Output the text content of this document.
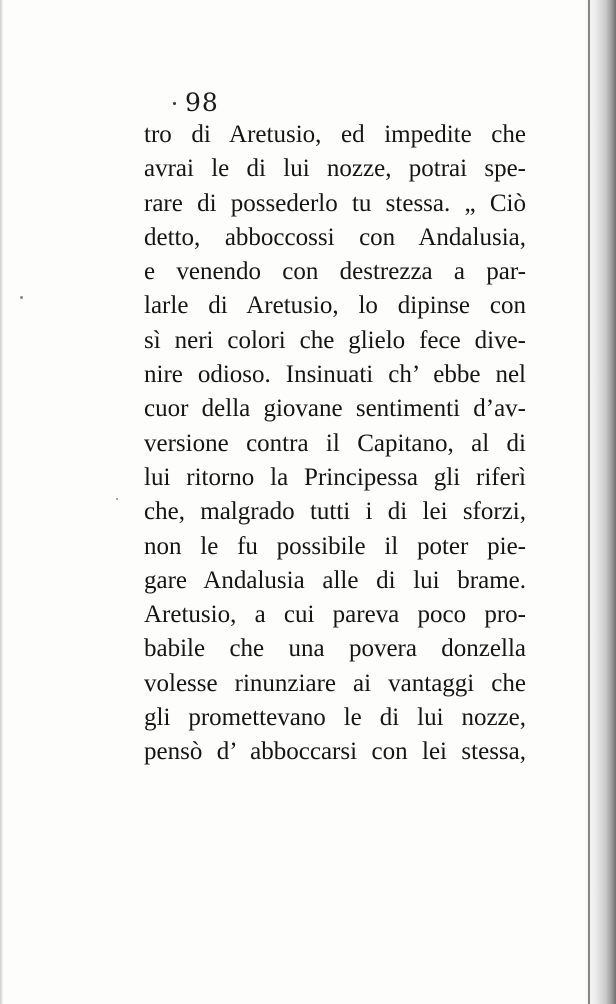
98
tro di Aretusio, ed impedite che
avrai le di lui nozze, potrai spe-
rare di possederlo tu stessa. „ Ciò
detto, abboccossi con Andalusia,
e venendo con destrezza a par-
larle di Aretusio, lo dipinse con
sì neri colori che glielo fece dive-
nire odioso. Insinuati ch’ ebbe nel
cuor della giovane sentimenti d’av-
versione contra il Capitano, al di
lui ritorno la Principessa gli riferì
che, malgrado tutti i di lei sforzi,
non le fu possibile il poter pie-
gare Andalusia alle di lui brame.
Aretusio, a cui pareva poco pro-
babile che una povera donzella
volesse rinunziare ai vantaggi che
gli promettevano le di lui nozze,
pensò d’ abboccarsi con lei stessa,
